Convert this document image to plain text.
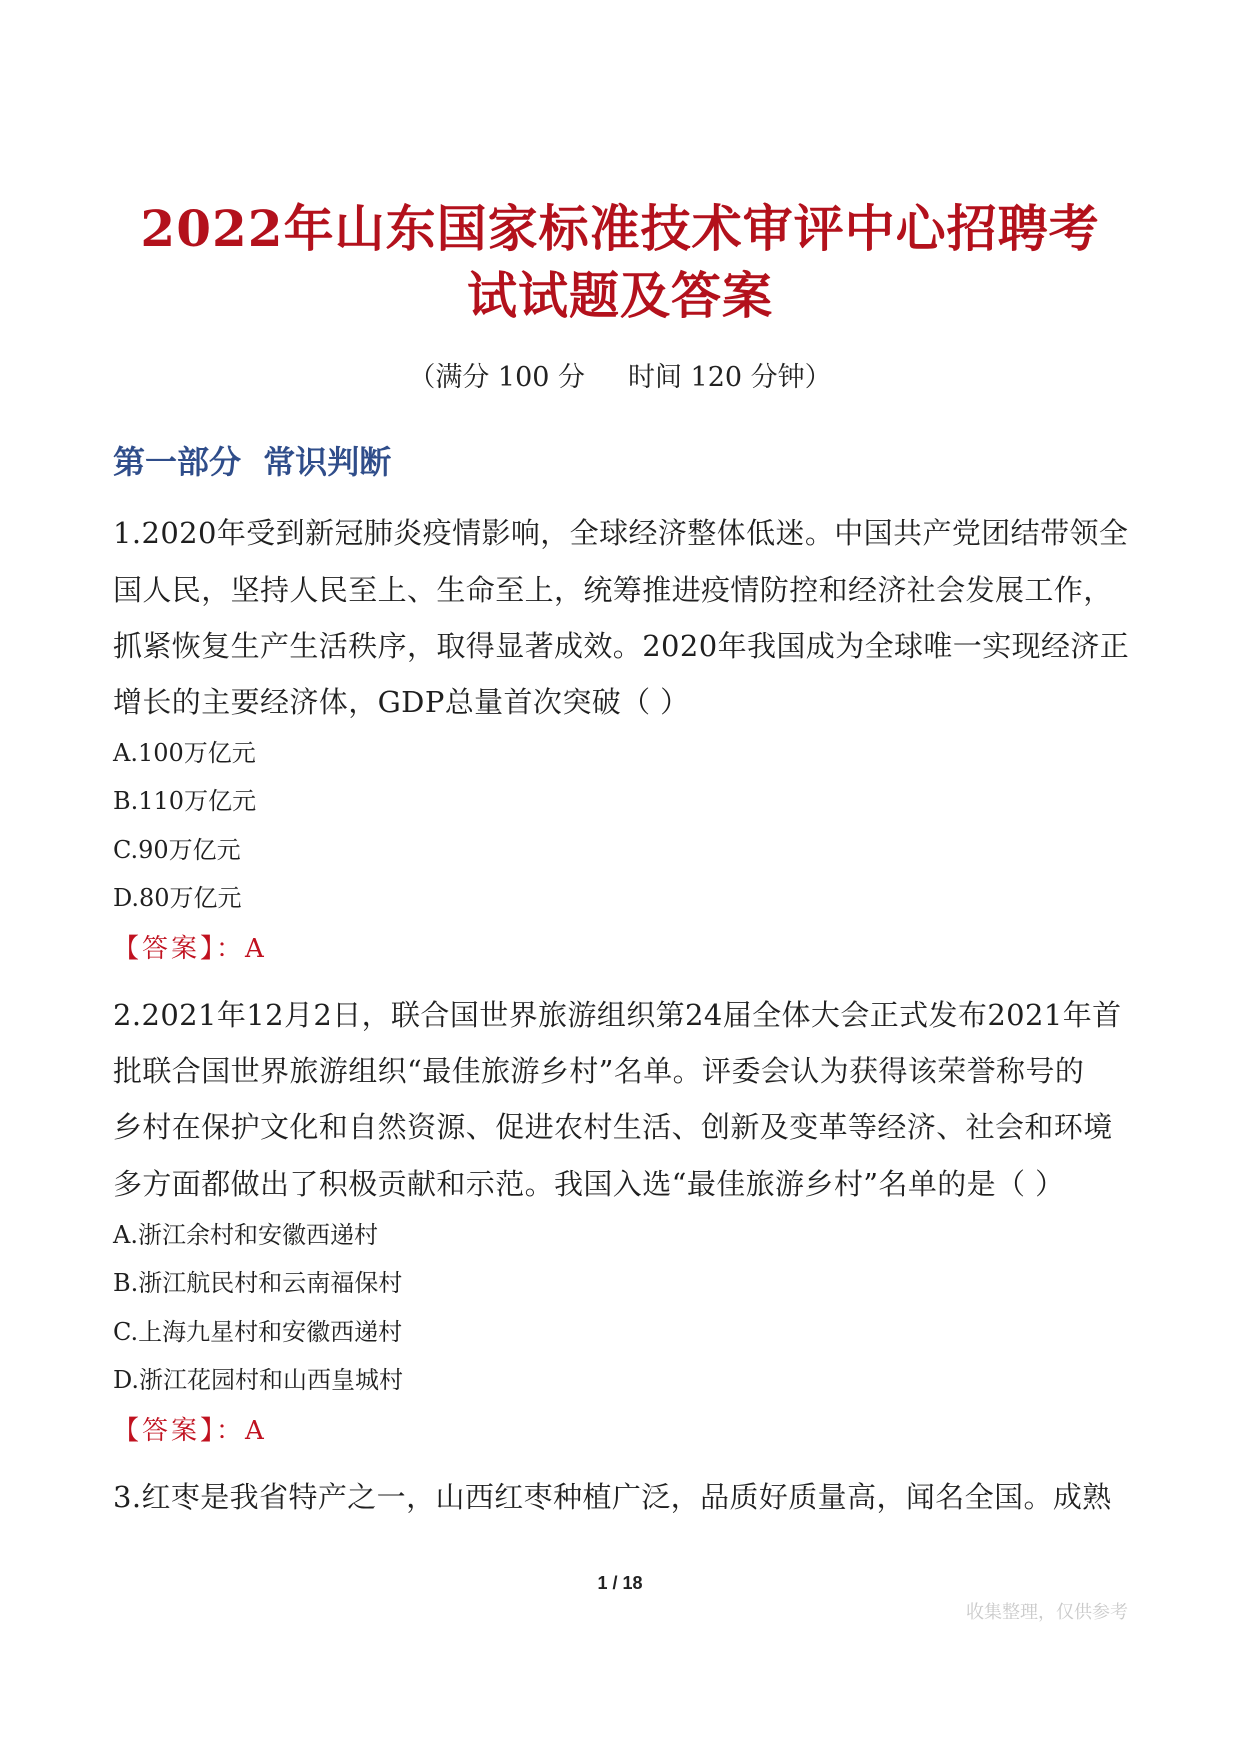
2022年山东国家标准技术审评中心招聘考
试试题及答案
（满分 100 分     时间 120 分钟）
第一部分  常识判断
1.2020年受到新冠肺炎疫情影响，全球经济整体低迷。中国共产党团结带领全
国人民，坚持人民至上、生命至上，统筹推进疫情防控和经济社会发展工作，
抓紧恢复生产生活秩序，取得显著成效。2020年我国成为全球唯一实现经济正
增长的主要经济体，GDP总量首次突破（ ）
A.100万亿元
B.110万亿元
C.90万亿元
D.80万亿元
【答案】：A
2.2021年12月2日，联合国世界旅游组织第24届全体大会正式发布2021年首
批联合国世界旅游组织“最佳旅游乡村”名单。评委会认为获得该荣誉称号的
乡村在保护文化和自然资源、促进农村生活、创新及变革等经济、社会和环境
多方面都做出了积极贡献和示范。我国入选“最佳旅游乡村”名单的是（ ）
A.浙江余村和安徽西递村
B.浙江航民村和云南福保村
C.上海九星村和安徽西递村
D.浙江花园村和山西皇城村
【答案】：A
3.红枣是我省特产之一，山西红枣种植广泛，品质好质量高，闻名全国。成熟
1 / 18
收集整理，仅供参考
